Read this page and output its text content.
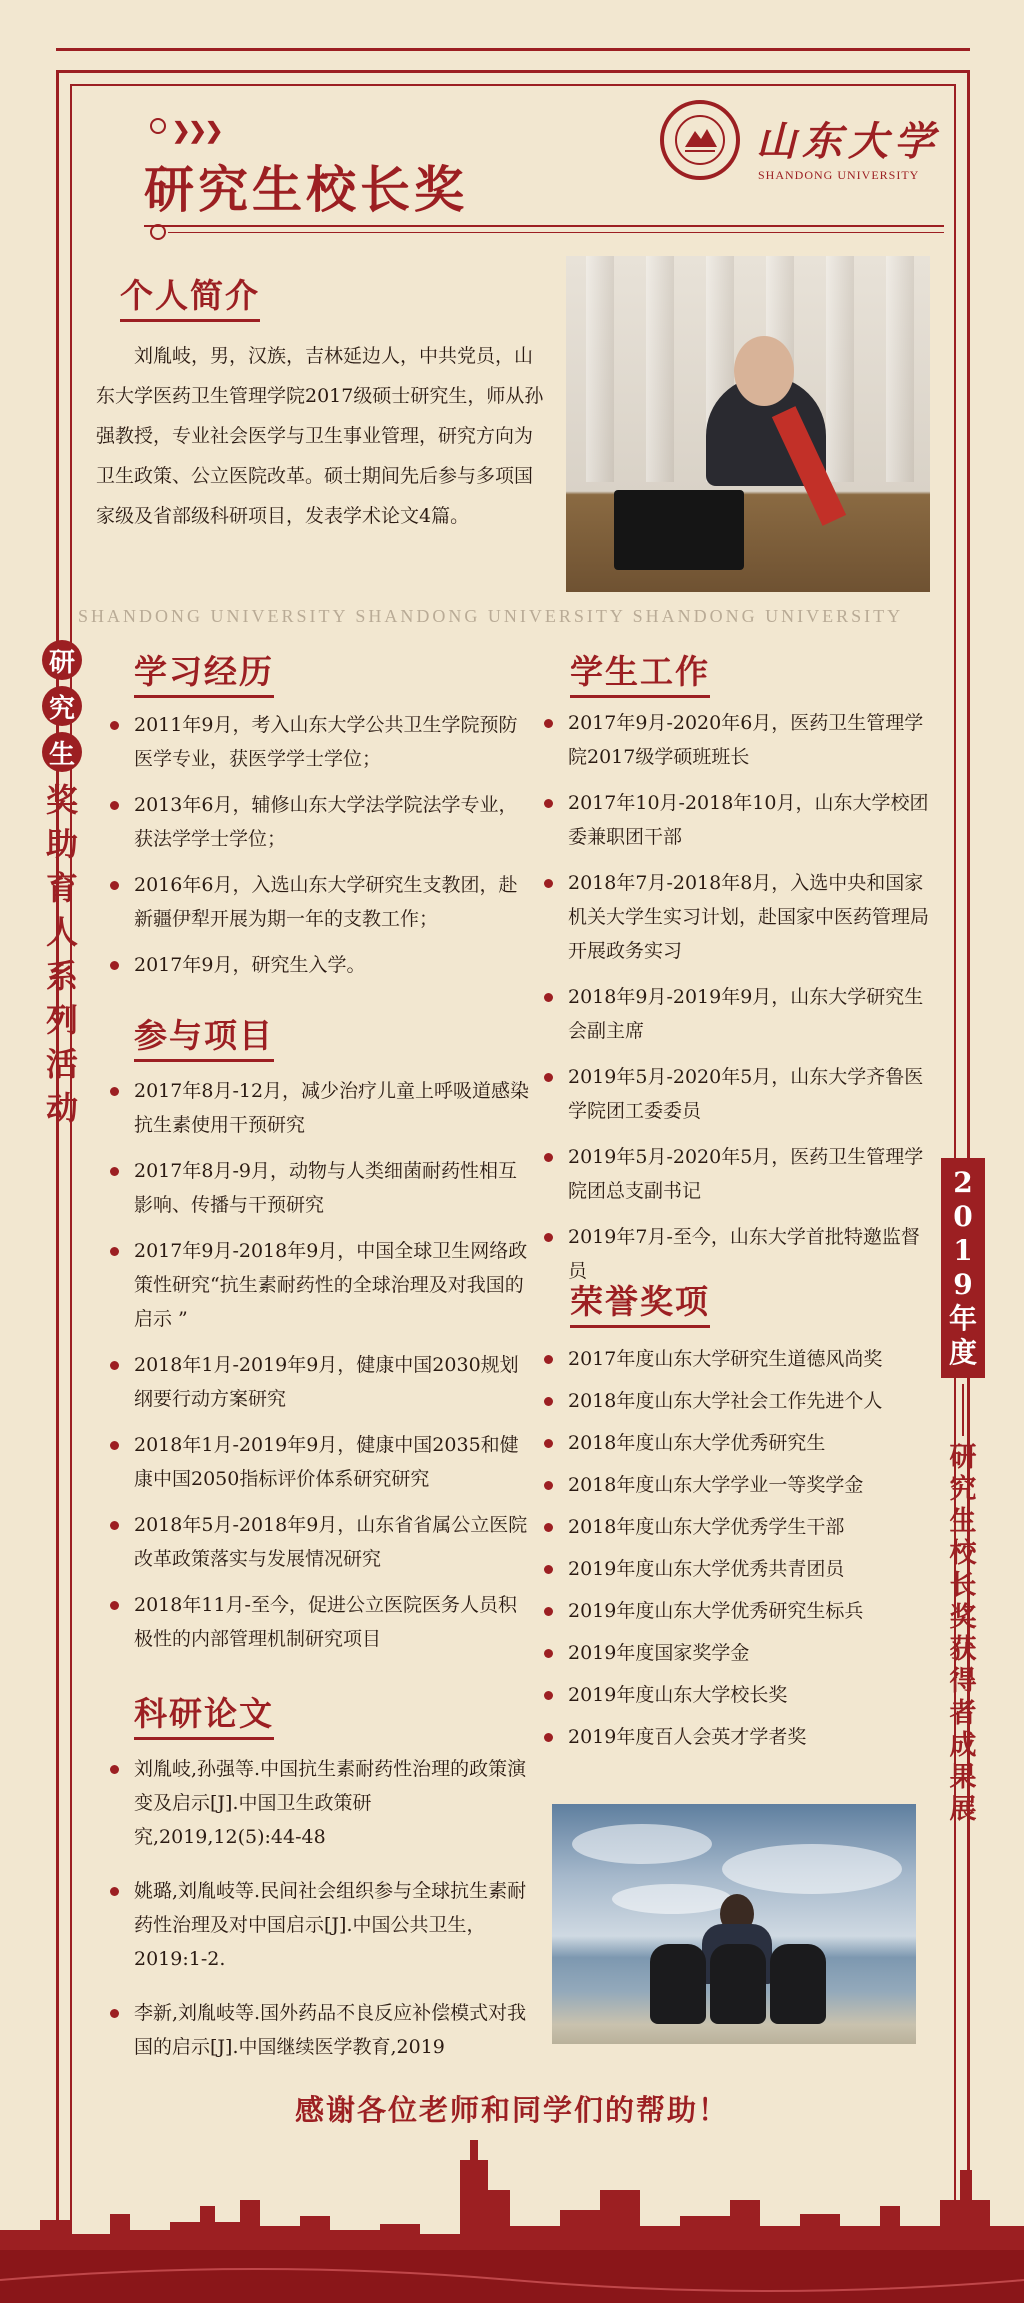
❯❯❯
研究生校长奖
山东大学
SHANDONG UNIVERSITY
个人简介
刘胤岐，男，汉族，吉林延边人，中共党员，山东大学医药卫生管理学院2017级硕士研究生，师从孙强教授，专业社会医学与卫生事业管理，研究方向为卫生政策、公立医院改革。硕士期间先后参与多项国家级及省部级科研项目，发表学术论文4篇。
SHANDONG UNIVERSITY SHANDONG UNIVERSITY SHANDONG UNIVERSITY
研
究
生
奖
助
育
人
系
列
活
动
2
0
1
9
年
度
研
究
生
校
长
奖
获
得
者
成
果
展
学习经历
2011年9月，考入山东大学公共卫生学院预防医学专业，获医学学士学位；
2013年6月，辅修山东大学法学院法学专业，获法学学士学位；
2016年6月，入选山东大学研究生支教团，赴新疆伊犁开展为期一年的支教工作；
2017年9月，研究生入学。
参与项目
2017年8月-12月，减少治疗儿童上呼吸道感染抗生素使用干预研究
2017年8月-9月，动物与人类细菌耐药性相互影响、传播与干预研究
2017年9月-2018年9月，中国全球卫生网络政策性研究“抗生素耐药性的全球治理及对我国的启示 ”
2018年1月-2019年9月，健康中国2030规划纲要行动方案研究
2018年1月-2019年9月，健康中国2035和健康中国2050指标评价体系研究研究
2018年5月-2018年9月，山东省省属公立医院改革政策落实与发展情况研究
2018年11月-至今，促进公立医院医务人员积极性的内部管理机制研究项目
科研论文
刘胤岐,孙强等.中国抗生素耐药性治理的政策演变及启示[J].中国卫生政策研究,2019,12(5):44-48
姚璐,刘胤岐等.民间社会组织参与全球抗生素耐药性治理及对中国启示[J].中国公共卫生，2019:1-2.
李新,刘胤岐等.国外药品不良反应补偿模式对我国的启示[J].中国继续医学教育,2019
学生工作
2017年9月-2020年6月，医药卫生管理学院2017级学硕班班长
2017年10月-2018年10月，山东大学校团委兼职团干部
2018年7月-2018年8月，入选中央和国家机关大学生实习计划，赴国家中医药管理局开展政务实习
2018年9月-2019年9月，山东大学研究生会副主席
2019年5月-2020年5月，山东大学齐鲁医学院团工委委员
2019年5月-2020年5月，医药卫生管理学院团总支副书记
2019年7月-至今，山东大学首批特邀监督员
荣誉奖项
2017年度山东大学研究生道德风尚奖
2018年度山东大学社会工作先进个人
2018年度山东大学优秀研究生
2018年度山东大学学业一等奖学金
2018年度山东大学优秀学生干部
2019年度山东大学优秀共青团员
2019年度山东大学优秀研究生标兵
2019年度国家奖学金
2019年度山东大学校长奖
2019年度百人会英才学者奖
感谢各位老师和同学们的帮助！
